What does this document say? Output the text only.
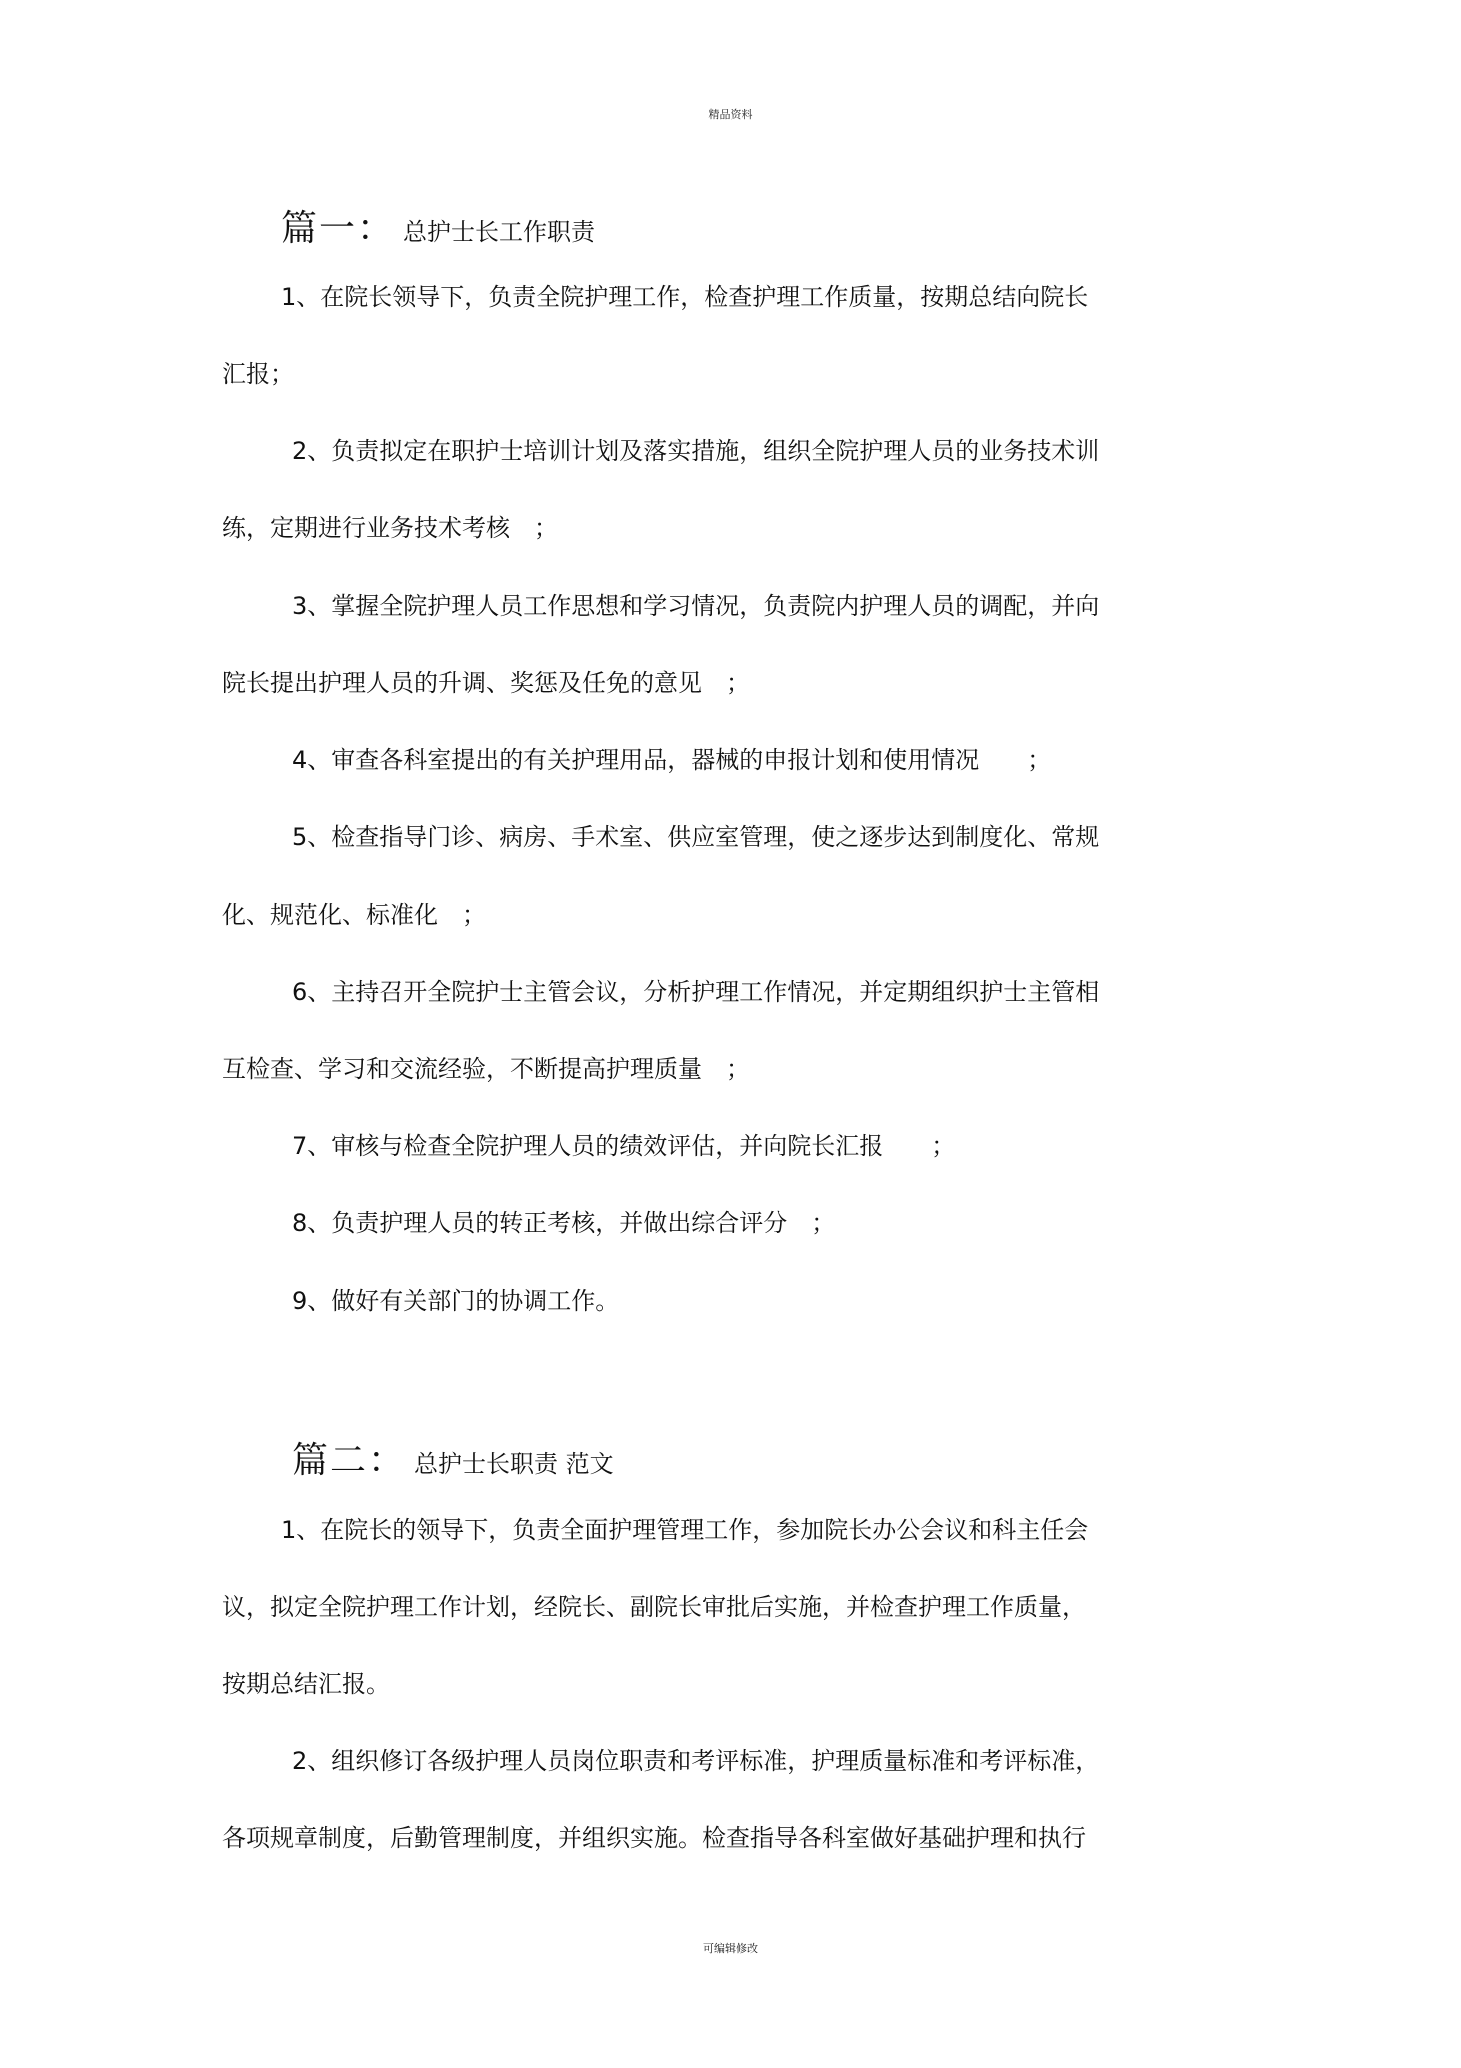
精品资料
篇一： 总护士长工作职责
1、在院长领导下，负责全院护理工作，检查护理工作质量，按期总结向院长
汇报；
2、负责拟定在职护士培训计划及落实措施，组织全院护理人员的业务技术训
练，定期进行业务技术考核　；
3、掌握全院护理人员工作思想和学习情况，负责院内护理人员的调配，并向
院长提出护理人员的升调、奖惩及任免的意见　；
4、审查各科室提出的有关护理用品，器械的申报计划和使用情况　　；
5、检查指导门诊、病房、手术室、供应室管理，使之逐步达到制度化、常规
化、规范化、标准化　；
6、主持召开全院护士主管会议，分析护理工作情况，并定期组织护士主管相
互检查、学习和交流经验，不断提高护理质量　；
7、审核与检查全院护理人员的绩效评估，并向院长汇报　　；
8、负责护理人员的转正考核，并做出综合评分　；
9、做好有关部门的协调工作。
篇二： 总护士长职责 范文
1、在院长的领导下，负责全面护理管理工作，参加院长办公会议和科主任会
议，拟定全院护理工作计划，经院长、副院长审批后实施，并检查护理工作质量，
按期总结汇报。
2、组织修订各级护理人员岗位职责和考评标准，护理质量标准和考评标准，
各项规章制度，后勤管理制度，并组织实施。检查指导各科室做好基础护理和执行
可编辑修改
